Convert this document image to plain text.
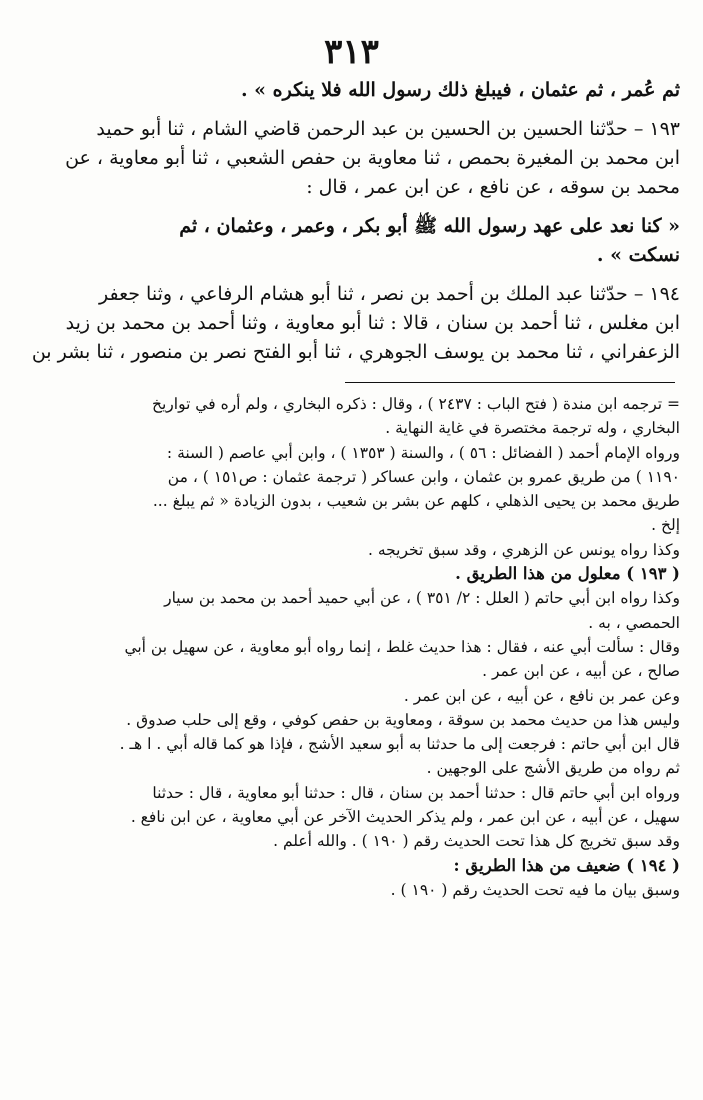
٣١٣
ثم عُمر ، ثم عثمان ، فيبلغ ذلك رسول الله فلا ينكره » .
١٩٣ – حدّثنا الحسين بن الحسين بن عبد الرحمن قاضي الشام ، ثنا أبو حميد
ابن محمد بن المغيرة بحمص ، ثنا معاوية بن حفص الشعبي ، ثنا أبو معاوية ، عن
محمد بن سوقه ، عن نافع ، عن ابن عمر ، قال :
« كنا نعد على عهد رسول الله ﷺ أبو بكر ، وعمر ، وعثمان ، ثم
نسكت » .
١٩٤ – حدّثنا عبد الملك بن أحمد بن نصر ، ثنا أبو هشام الرفاعي ، وثنا جعفر
ابن مغلس ، ثنا أحمد بن سنان ، قالا : ثنا أبو معاوية ، وثنا أحمد بن محمد بن زيد
الزعفراني ، ثنا محمد بن يوسف الجوهري ، ثنا أبو الفتح نصر بن منصور ، ثنا بشر بن
= ترجمه ابن مندة ( فتح الباب : ٢٤٣٧ ) ، وقال : ذكره البخاري ، ولم أره في تواريخ
البخاري ، وله ترجمة مختصرة في غاية النهاية .
ورواه الإمام أحمد ( الفضائل : ٥٦ ) ، والسنة ( ١٣٥٣ ) ، وابن أبي عاصم ( السنة :
١١٩٠ ) من طريق عمرو بن عثمان ، وابن عساكر ( ترجمة عثمان : ص١٥١ ) ، من
طريق محمد بن يحيى الذهلي ، كلهم عن بشر بن شعيب ، بدون الزيادة « ثم يبلغ ...
إلخ .
وكذا رواه يونس عن الزهري ، وقد سبق تخريجه .
( ١٩٣ ) معلول من هذا الطريق .
وكذا رواه ابن أبي حاتم ( العلل : ٢/ ٣٥١ ) ، عن أبي حميد أحمد بن محمد بن سيار
الحمصي ، به .
وقال : سألت أبي عنه ، فقال : هذا حديث غلط ، إنما رواه أبو معاوية ، عن سهيل بن أبي
صالح ، عن أبيه ، عن ابن عمر .
وعن عمر بن نافع ، عن أبيه ، عن ابن عمر .
وليس هذا من حديث محمد بن سوقة ، ومعاوية بن حفص كوفي ، وقع إلى حلب صدوق .
قال ابن أبي حاتم : فرجعت إلى ما حدثنا به أبو سعيد الأشج ، فإذا هو كما قاله أبي . ا هـ .
ثم رواه من طريق الأشج على الوجهين .
ورواه ابن أبي حاتم قال : حدثنا أحمد بن سنان ، قال : حدثنا أبو معاوية ، قال : حدثنا
سهيل ، عن أبيه ، عن ابن عمر ، ولم يذكر الحديث الآخر عن أبي معاوية ، عن ابن نافع .
وقد سبق تخريج كل هذا تحت الحديث رقم ( ١٩٠ ) . والله أعلم .
( ١٩٤ ) ضعيف من هذا الطريق :
وسبق بيان ما فيه تحت الحديث رقم ( ١٩٠ ) .
